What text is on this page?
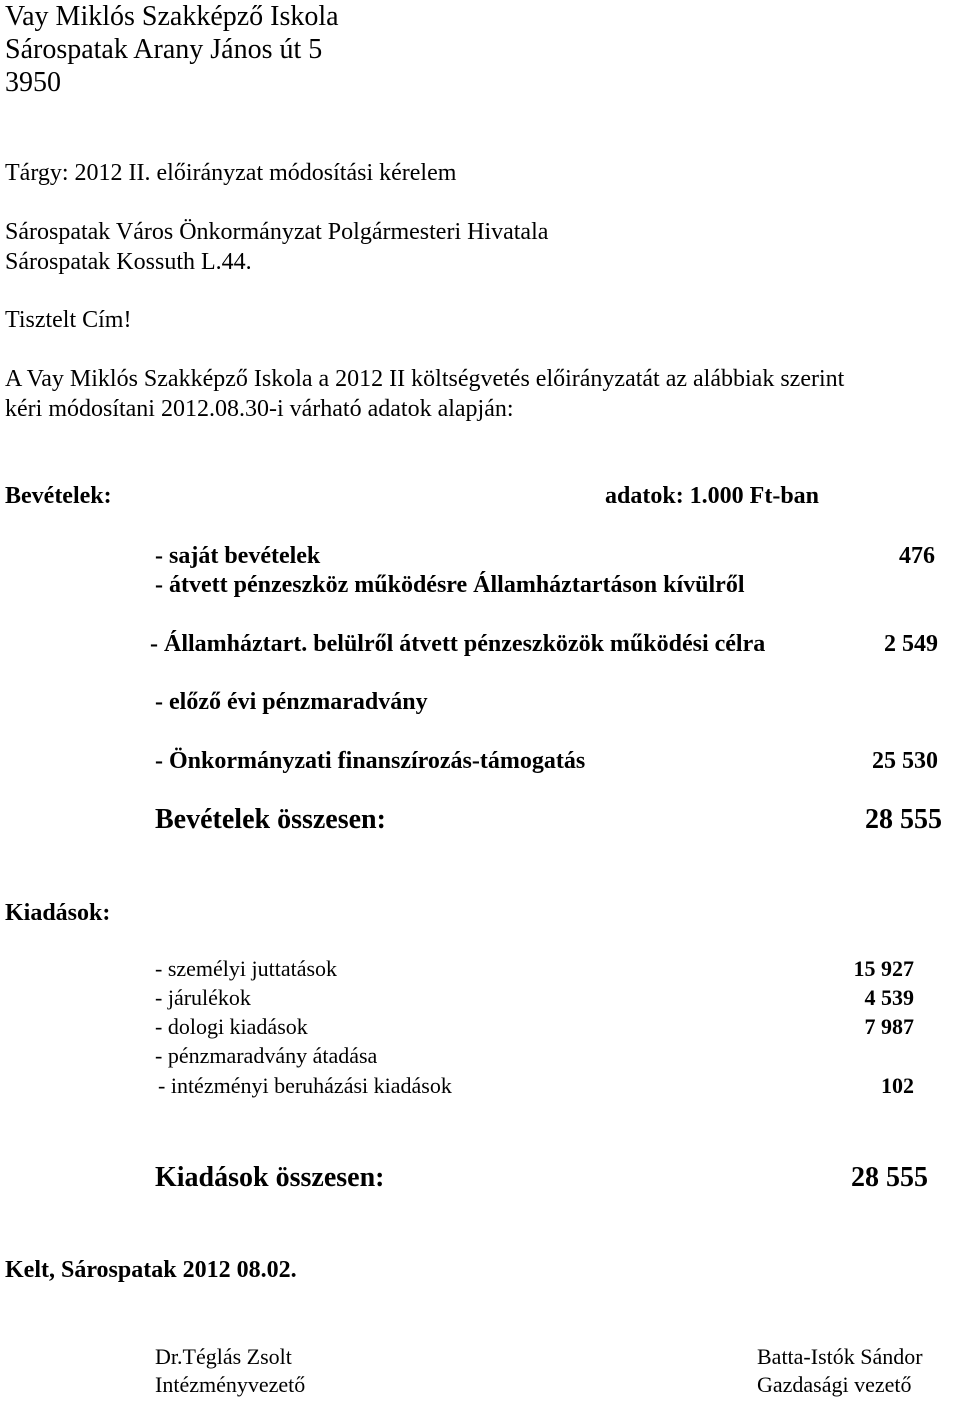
Vay Miklós Szakképző Iskola
Sárospatak Arany János út 5
3950
Tárgy: 2012 II. előirányzat módosítási kérelem
Sárospatak Város Önkormányzat Polgármesteri Hivatala
Sárospatak Kossuth L.44.
Tisztelt Cím!
A Vay Miklós Szakképző Iskola a 2012 II költségvetés előirányzatát az alábbiak szerint
kéri módosítani 2012.08.30-i várható adatok alapján:
Bevételek:	adatok: 1.000 Ft-ban
- saját bevételek	476
- átvett pénzeszköz működésre Államháztartáson kívülről
- Államháztart. belülről átvett pénzeszközök működési célra	2 549
- előző évi pénzmaradvány
- Önkormányzati finanszírozás-támogatás	25 530
Bevételek összesen:	28 555
Kiadások:
- személyi juttatások	15 927
- járulékok	4 539
- dologi kiadások	7 987
- pénzmaradvány átadása
- intézményi beruházási kiadások	102
Kiadások összesen:	28 555
Kelt, Sárospatak 2012 08.02.
Dr.Téglás Zsolt
Intézményvezető
Batta-Istók Sándor
Gazdasági vezető
